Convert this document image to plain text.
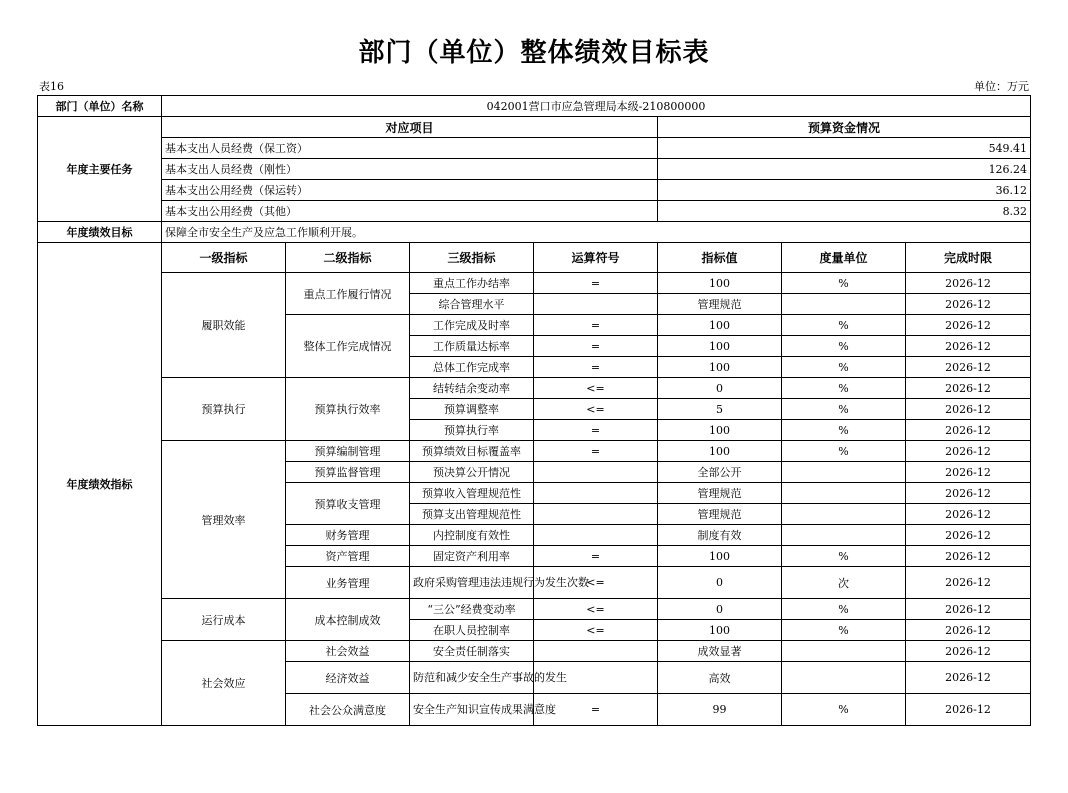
部门（单位）整体绩效目标表
表16	单位：万元
部门（单位）名称	042001营口市应急管理局本级-210800000						
年度主要任务	对应项目				预算资金情况		
	基本支出人员经费（保工资）				549.41		
	基本支出人员经费（刚性）				126.24		
	基本支出公用经费（保运转）				36.12		
	基本支出公用经费（其他）				8.32		
年度绩效目标	保障全市安全生产及应急工作顺利开展。						
年度绩效指标	一级指标	二级指标	三级指标	运算符号	指标值	度量单位	完成时限
	履职效能	重点工作履行情况	重点工作办结率	=	100	%	2026-12
			综合管理水平		管理规范		2026-12
		整体工作完成情况	工作完成及时率	=	100	%	2026-12
			工作质量达标率	=	100	%	2026-12
			总体工作完成率	=	100	%	2026-12
	预算执行	预算执行效率	结转结余变动率	<=	0	%	2026-12
			预算调整率	<=	5	%	2026-12
			预算执行率	=	100	%	2026-12
	管理效率	预算编制管理	预算绩效目标覆盖率	=	100	%	2026-12
		预算监督管理	预决算公开情况		全部公开		2026-12
		预算收支管理	预算收入管理规范性		管理规范		2026-12
			预算支出管理规范性		管理规范		2026-12
		财务管理	内控制度有效性		制度有效		2026-12
		资产管理	固定资产利用率	=	100	%	2026-12
		业务管理	政府采购管理违法违规行为发生次数	<=	0	次	2026-12
	运行成本	成本控制成效	“三公”经费变动率	<=	0	%	2026-12
			在职人员控制率	<=	100	%	2026-12
	社会效应	社会效益	安全责任制落实		成效显著		2026-12
		经济效益	防范和减少安全生产事故的发生		高效		2026-12
		社会公众满意度	安全生产知识宣传成果满意度	=	99	%	2026-12
